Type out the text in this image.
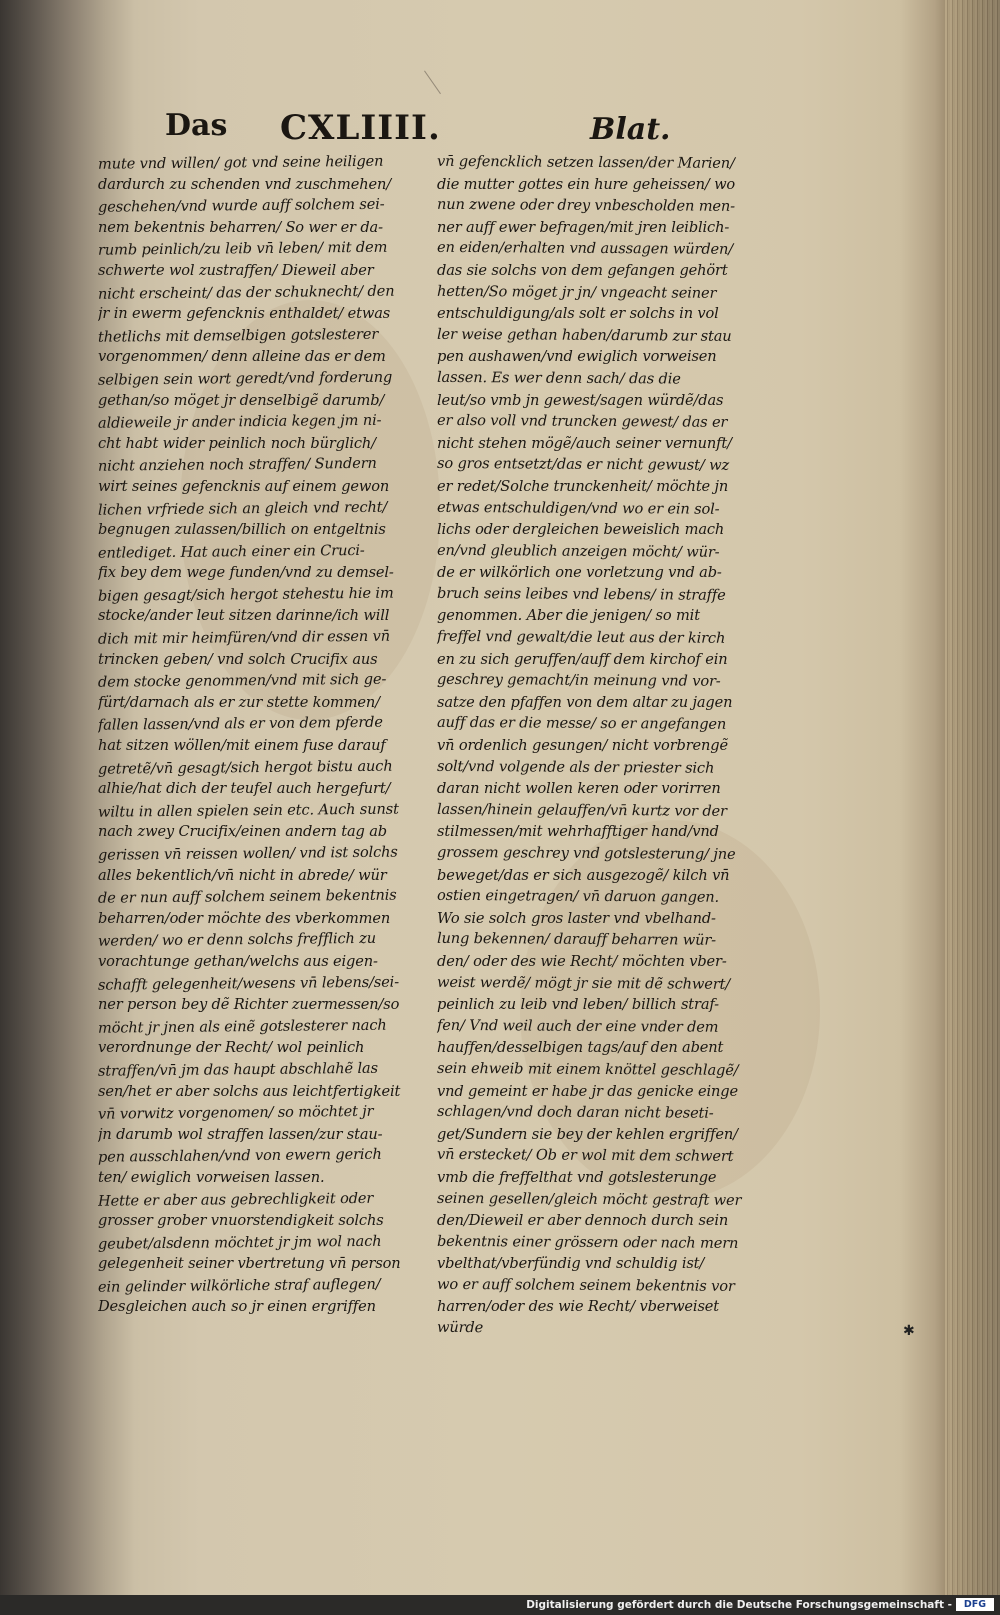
Das CXLIIII.	Blat.
mute vnd willen/ got vnd seine heiligen
dardurch zu schenden vnd zuschmehen/
geschehen/vnd wurde auff solchem sei-
nem bekentnis beharren/ So wer er da-
rumb peinlich/zu leib vn̄ leben/ mit dem
schwerte wol zustraffen/ Dieweil aber
nicht erscheint/ das der schuknecht/ den
jr in ewerm gefencknis enthaldet/ etwas
thetlichs mit demselbigen gotslesterer
vorgenommen/ denn alleine das er dem
selbigen sein wort geredt/vnd forderung
gethan/so möget jr denselbigẽ darumb/
aldieweile jr ander indicia kegen jm ni-
cht habt wider peinlich noch bürglich/
nicht anziehen noch straffen/ Sundern
wirt seines gefencknis auf einem gewon
lichen vrfriede sich an gleich vnd recht/
begnugen zulassen/billich on entgeltnis
entlediget. Hat auch einer ein Cruci-
fix bey dem wege funden/vnd zu demsel-
bigen gesagt/sich hergot stehestu hie im
stocke/ander leut sitzen darinne/ich will
dich mit mir heimfüren/vnd dir essen vn̄
trincken geben/ vnd solch Crucifix aus
dem stocke genommen/vnd mit sich ge-
fürt/darnach als er zur stette kommen/
fallen lassen/vnd als er von dem pferde
hat sitzen wöllen/mit einem fuse darauf
getretẽ/vn̄ gesagt/sich hergot bistu auch
alhie/hat dich der teufel auch hergefurt/
wiltu in allen spielen sein etc. Auch sunst
nach zwey Crucifix/einen andern tag ab
gerissen vn̄ reissen wollen/ vnd ist solchs
alles bekentlich/vn̄ nicht in abrede/ wür
de er nun auff solchem seinem bekentnis
beharren/oder möchte des vberkommen
werden/ wo er denn solchs frefflich zu
vorachtunge gethan/welchs aus eigen-
schafft gelegenheit/wesens vn̄ lebens/sei-
ner person bey dẽ Richter zuermessen/so
möcht jr jnen als einẽ gotslesterer nach
verordnunge der Recht/ wol peinlich
straffen/vn̄ jm das haupt abschlahẽ las
sen/het er aber solchs aus leichtfertigkeit
vn̄ vorwitz vorgenomen/ so möchtet jr
jn darumb wol straffen lassen/zur stau-
pen ausschlahen/vnd von ewern gerich
ten/ ewiglich vorweisen lassen.
Hette er aber aus gebrechligkeit oder
grosser grober vnuorstendigkeit solchs
geubet/alsdenn möchtet jr jm wol nach
gelegenheit seiner vbertretung vn̄ person
ein gelinder wilkörliche straf auflegen/
Desgleichen auch so jr einen ergriffen
vn̄ gefencklich setzen lassen/der Marien/
die mutter gottes ein hure geheissen/ wo
nun zwene oder drey vnbescholden men-
ner auff ewer befragen/mit jren leiblich-
en eiden/erhalten vnd aussagen würden/
das sie solchs von dem gefangen gehört
hetten/So möget jr jn/ vngeacht seiner
entschuldigung/als solt er solchs in vol
ler weise gethan haben/darumb zur stau
pen aushawen/vnd ewiglich vorweisen
lassen. Es wer denn sach/ das die
leut/so vmb jn gewest/sagen würdẽ/das
er also voll vnd truncken gewest/ das er
nicht stehen mögẽ/auch seiner vernunft/
so gros entsetzt/das er nicht gewust/ wz
er redet/Solche trunckenheit/ möchte jn
etwas entschuldigen/vnd wo er ein sol-
lichs oder dergleichen beweislich mach
en/vnd gleublich anzeigen möcht/ wür-
de er wilkörlich one vorletzung vnd ab-
bruch seins leibes vnd lebens/ in straffe
genommen. Aber die jenigen/ so mit
freffel vnd gewalt/die leut aus der kirch
en zu sich geruffen/auff dem kirchof ein
geschrey gemacht/in meinung vnd vor-
satze den pfaffen von dem altar zu jagen
auff das er die messe/ so er angefangen
vn̄ ordenlich gesungen/ nicht vorbrengẽ
solt/vnd volgende als der priester sich
daran nicht wollen keren oder vorirren
lassen/hinein gelauffen/vn̄ kurtz vor der
stilmessen/mit wehrhafftiger hand/vnd
grossem geschrey vnd gotslesterung/ jne
beweget/das er sich ausgezogẽ/ kilch vn̄
ostien eingetragen/ vn̄ daruon gangen.
Wo sie solch gros laster vnd vbelhand-
lung bekennen/ darauff beharren wür-
den/ oder des wie Recht/ möchten vber-
weist werdẽ/ mögt jr sie mit dẽ schwert/
peinlich zu leib vnd leben/ billich straf-
fen/ Vnd weil auch der eine vnder dem
hauffen/desselbigen tags/auf den abent
sein ehweib mit einem knöttel geschlagẽ/
vnd gemeint er habe jr das genicke einge
schlagen/vnd doch daran nicht beseti-
get/Sundern sie bey der kehlen ergriffen/
vn̄ erstecket/ Ob er wol mit dem schwert
vmb die freffelthat vnd gotslesterunge
seinen gesellen/gleich möcht gestraft wer
den/Dieweil er aber dennoch durch sein
bekentnis einer grössern oder nach mern
vbelthat/vberfündig vnd schuldig ist/
wo er auff solchem seinem bekentnis vor
harren/oder des wie Recht/ vberweiset
würde	✱
Digitalisierung gefördert durch die Deutsche Forschungsgemeinschaft -	DFG
